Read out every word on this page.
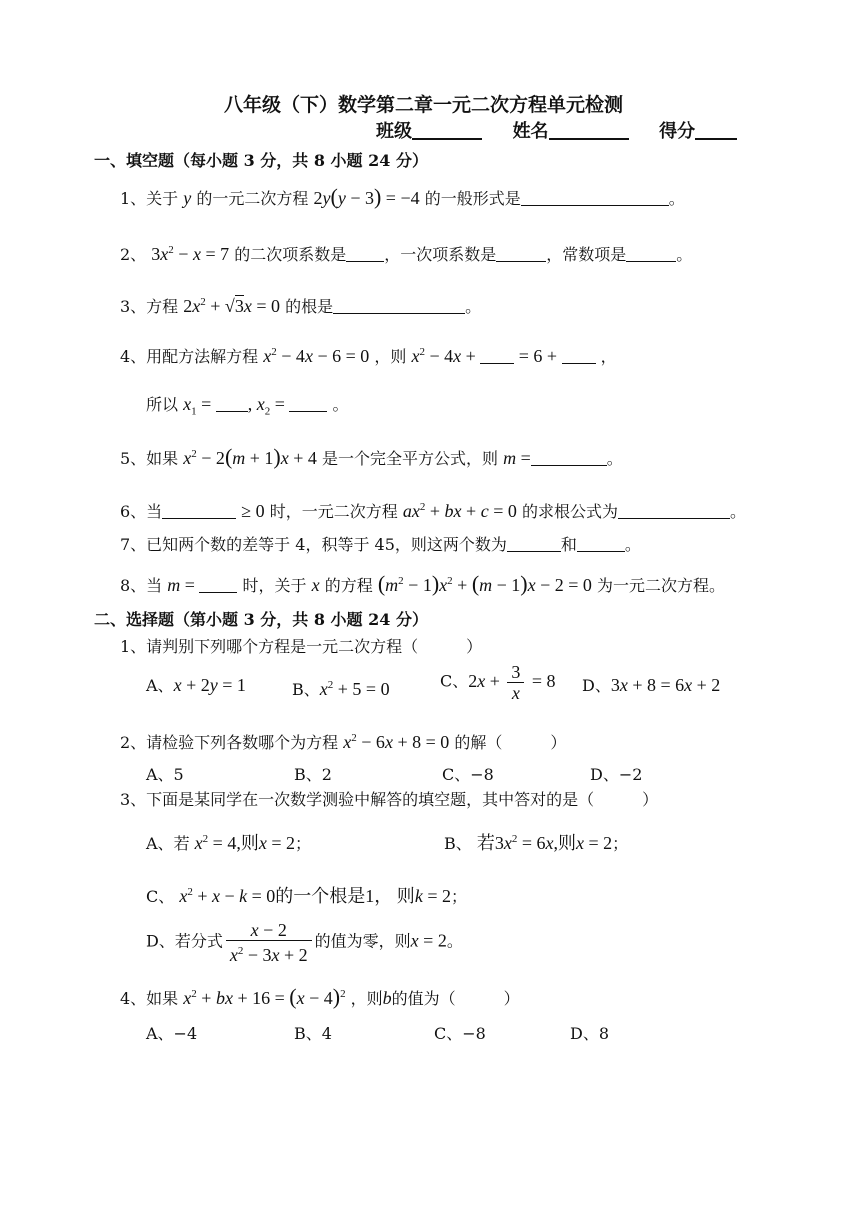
八年级（下）数学第二章一元二次方程单元检测
班级	姓名	得分
一、填空题（每小题 3 分，共 8 小题 24 分）
1、关于 y 的一元二次方程 2y(y − 3) = −4 的一般形式是	。
2、 $3x^2 - x = 7$ 的二次项系数是 ，一次项系数是	，常数项是	。
3、方程 $2x^2 + √3x = 0$ 的根是	。
4、用配方法解方程 $x^2 - 4x - 6 = 0$ ，则 $x^2 - 4x$ +  = 6 +  ，
所以 $x_1$ = , $x_2$ =	。
5、如果 $x^2 - 2(m + 1)x + 4$ 是一个完全平方公式，则 m =	。
6、当	≥ 0 时，一元二次方程 $ax^2$ + bx + c = 0 的求根公式为	。
7、已知两个数的差等于 4，积等于 45，则这两个数为	和	。
8、当 m =	时，关于 x 的方程 $(m^2 - 1)x^2 + (m - 1)x - 2 = 0$ 为一元二次方程。
二、选择题（第小题 3 分，共 8 小题 24 分）
1、请判别下列哪个方程是一元二次方程（　　　）
A、x + 2y = 1	B、$x^2 + 5 = 0$	C、$2x + \frac{3}{x} = 8$ D、3x + 8 = 6x + 2
2、请检验下列各数哪个为方程 $x^2 - 6x + 8 = 0$ 的解（　　　）
A、5	B、2	C、−8	D、−2
3、下面是某同学在一次数学测验中解答的填空题，其中答对的是（　　　）
A、若 $x^2 = 4$,则x = 2；	B、 若$3x^2 = 6x$,则x = 2；
C、 $x^2 + x - k = 0$的一个根是1， 则k = 2；
D、若分式 $\frac{x - 2}{x^2 - 3x + 2}$ 的值为零，则x = 2。
4、如果 $x^2$ + bx + $16 = (x - 4)^2$ ，则b的值为（　　　）
A、−4	B、4	C、−8	D、8
